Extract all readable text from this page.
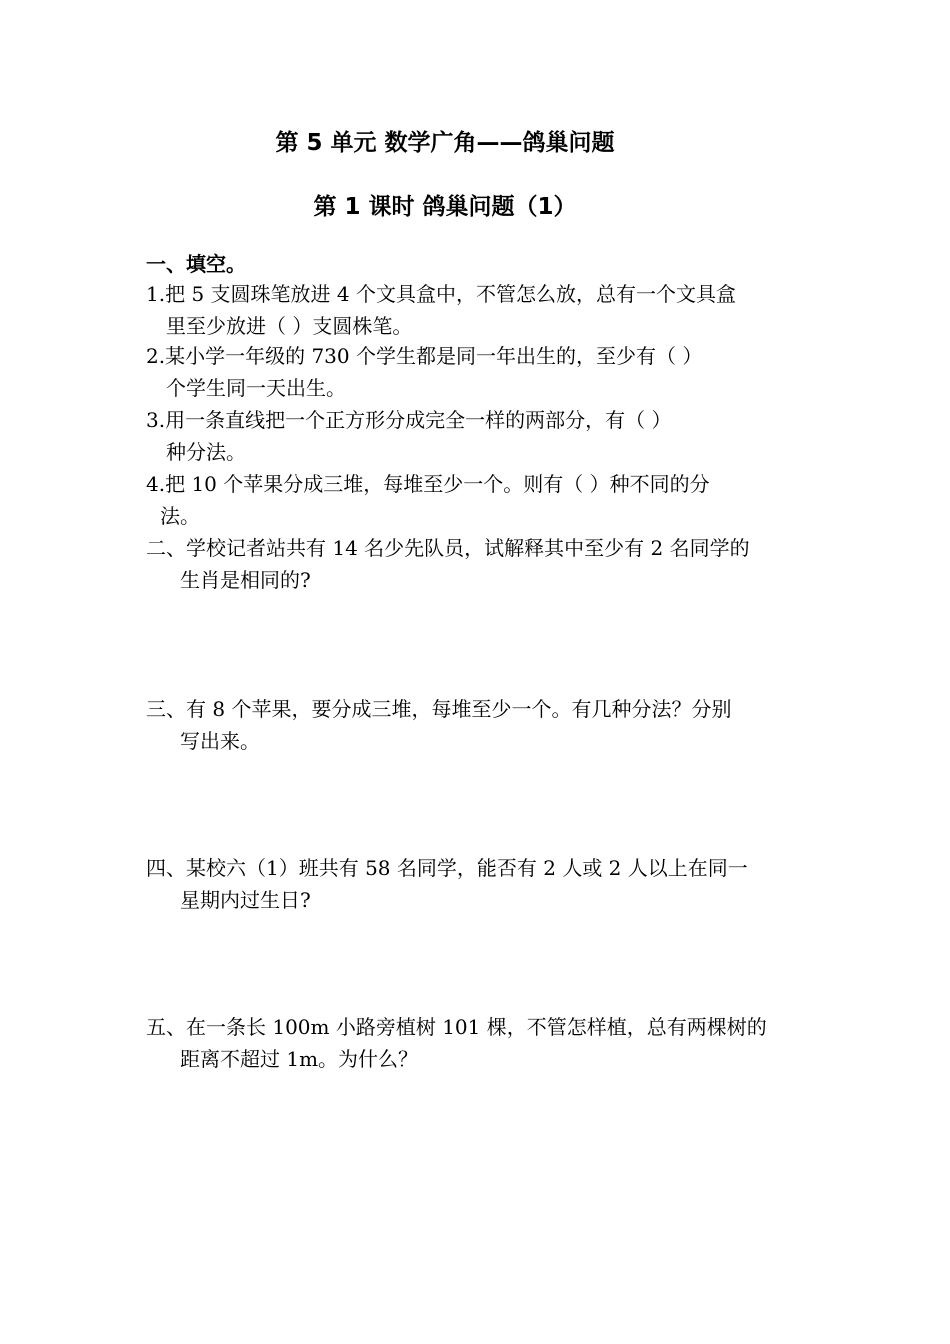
第 5 单元 数学广角——鸽巢问题
第 1 课时 鸽巢问题（1）
一、填空。

1.把 5 支圆珠笔放进 4 个文具盒中，不管怎么放，总有一个文具盒

里至少放进（ ）支圆株笔。

2.某小学一年级的 730 个学生都是同一年出生的，至少有（ ）

个学生同一天出生。

3.用一条直线把一个正方形分成完全一样的两部分，有（ ）

种分法。

4.把 10 个苹果分成三堆，每堆至少一个。则有（ ）种不同的分

法。

二、学校记者站共有 14 名少先队员，试解释其中至少有 2 名同学的

生肖是相同的?

三、有 8 个苹果，要分成三堆，每堆至少一个。有几种分法？分别

写出来。

四、某校六（1）班共有 58 名同学，能否有 2 人或 2 人以上在同一

星期内过生日?

五、在一条长 100m 小路旁植树 101 棵，不管怎样植，总有两棵树的

距离不超过 1m。为什么？
